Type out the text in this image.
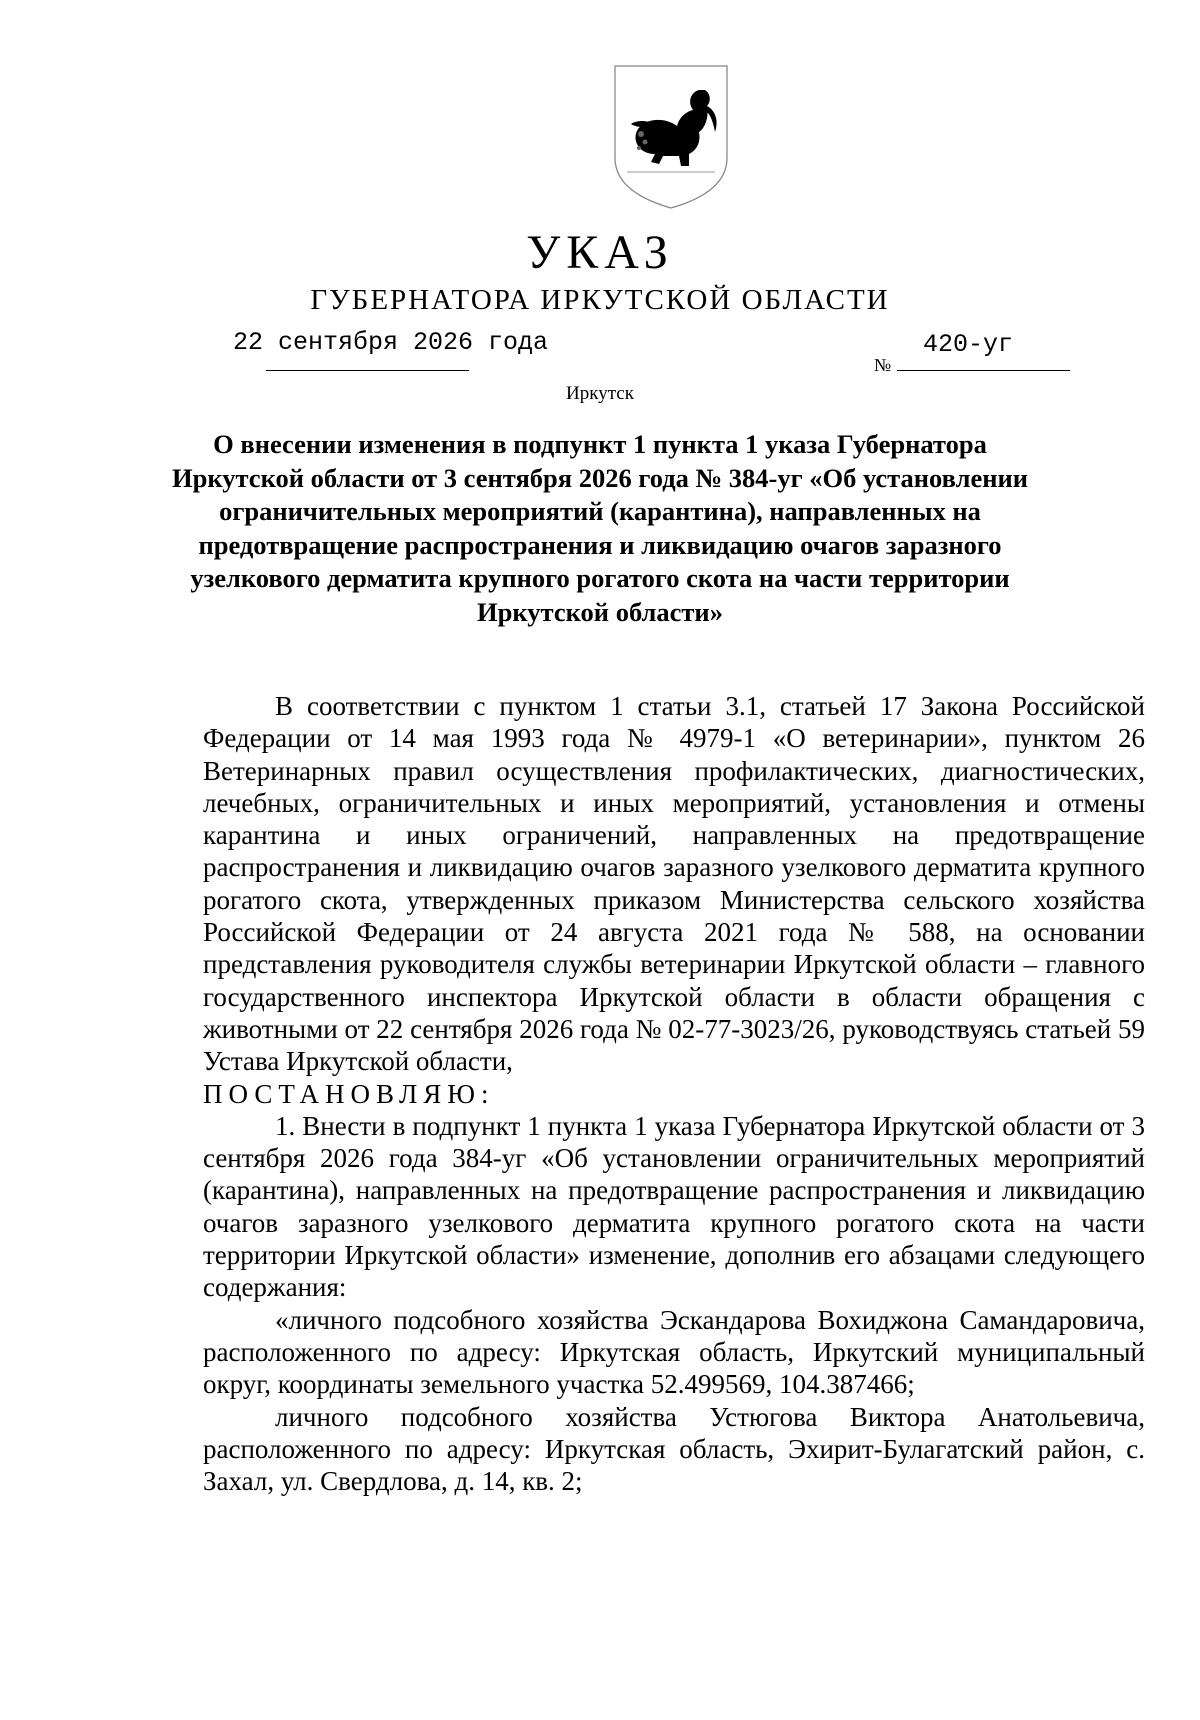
УКАЗ
ГУБЕРНАТОРА ИРКУТСКОЙ ОБЛАСТИ
22 сентября 2026 года
№
420-уг
Иркутск
О внесении изменения в подпункт 1 пункта 1 указа Губернатора Иркутской области от 3 сентября 2026 года № 384-уг «Об установлении ограничительных мероприятий (карантина), направленных на предотвращение распространения и ликвидацию очагов заразного узелкового дерматита крупного рогатого скота на части территории Иркутской области»

В соответствии с пунктом 1 статьи 3.1, статьей 17 Закона Российской Федерации от 14 мая 1993 года № 4979-1 «О ветеринарии», пунктом 26 Ветеринарных правил осуществления профилактических, диагностических, лечебных, ограничительных и иных мероприятий, установления и отмены карантина и иных ограничений, направленных на предотвращение распространения и ликвидацию очагов заразного узелкового дерматита крупного рогатого скота, утвержденных приказом Министерства сельского хозяйства Российской Федерации от 24 августа 2021 года № 588, на основании представления руководителя службы ветеринарии Иркутской области – главного государственного инспектора Иркутской области в области обращения с животными от 22 сентября 2026 года № 02-77-3023/26, руководствуясь статьей 59 Устава Иркутской области,

ПОСТАНОВЛЯЮ:

1. Внести в подпункт 1 пункта 1 указа Губернатора Иркутской области от 3 сентября 2026 года 384-уг «Об установлении ограничительных мероприятий (карантина), направленных на предотвращение распространения и ликвидацию очагов заразного узелкового дерматита крупного рогатого скота на части территории Иркутской области» изменение, дополнив его абзацами следующего содержания:

«личного подсобного хозяйства Эскандарова Вохиджона Самандаровича, расположенного по адресу: Иркутская область, Иркутский муниципальный округ, координаты земельного участка 52.499569, 104.387466;

личного подсобного хозяйства Устюгова Виктора Анатольевича, расположенного по адресу: Иркутская область, Эхирит-Булагатский район, с. Захал, ул. Свердлова, д. 14, кв. 2;
